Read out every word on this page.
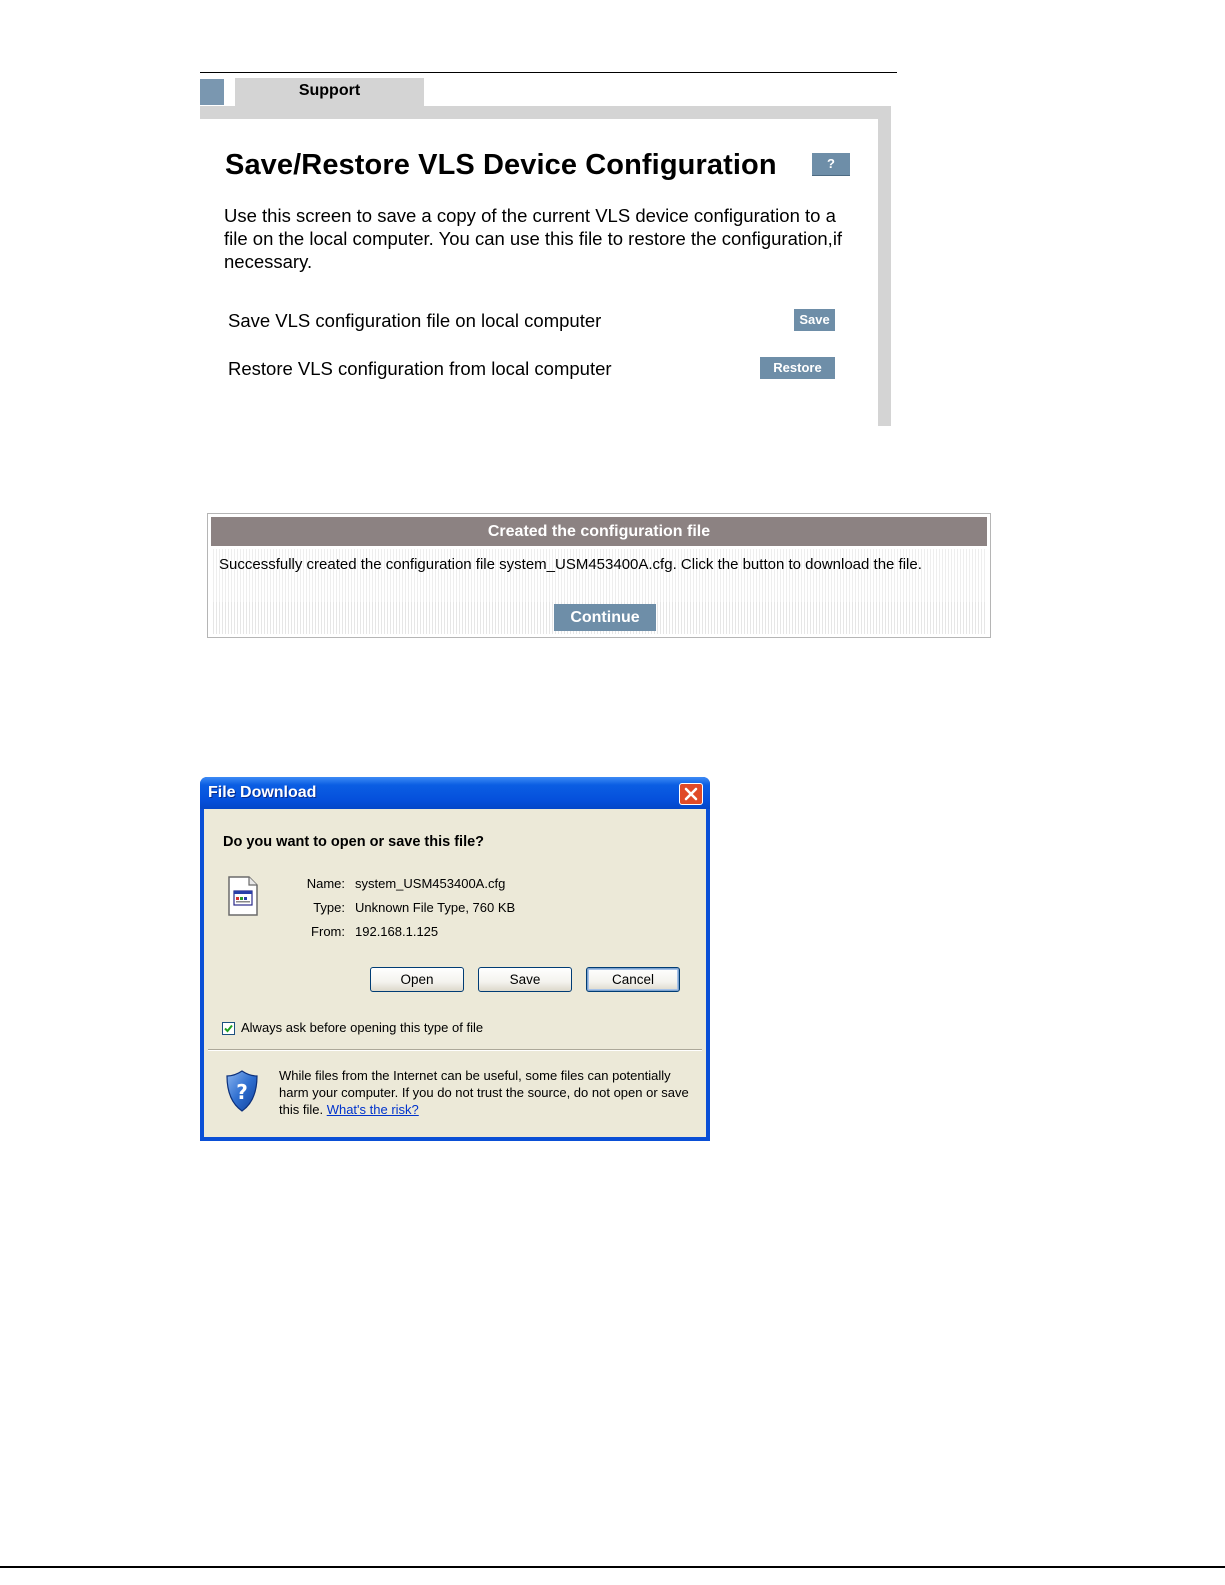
Support
Save/Restore VLS Device Configuration	?

Use this screen to save a copy of the current VLS device configuration to a file on the local computer. You can use this file to restore the configuration,if necessary.

Save VLS configuration file on local computer	Save
Restore VLS configuration from local computer	Restore
Created the configuration file
Successfully created the configuration file system_USM453400A.cfg. Click the button to download the file.
Continue
File Download
Do you want to open or save this file?
Name: system_USM453400A.cfg
Type: Unknown File Type, 760 KB
From: 192.168.1.125
Open	Save	Cancel
Always ask before opening this type of file
?
While files from the Internet can be useful, some files can potentially harm your computer. If you do not trust the source, do not open or save this file. What's the risk?
